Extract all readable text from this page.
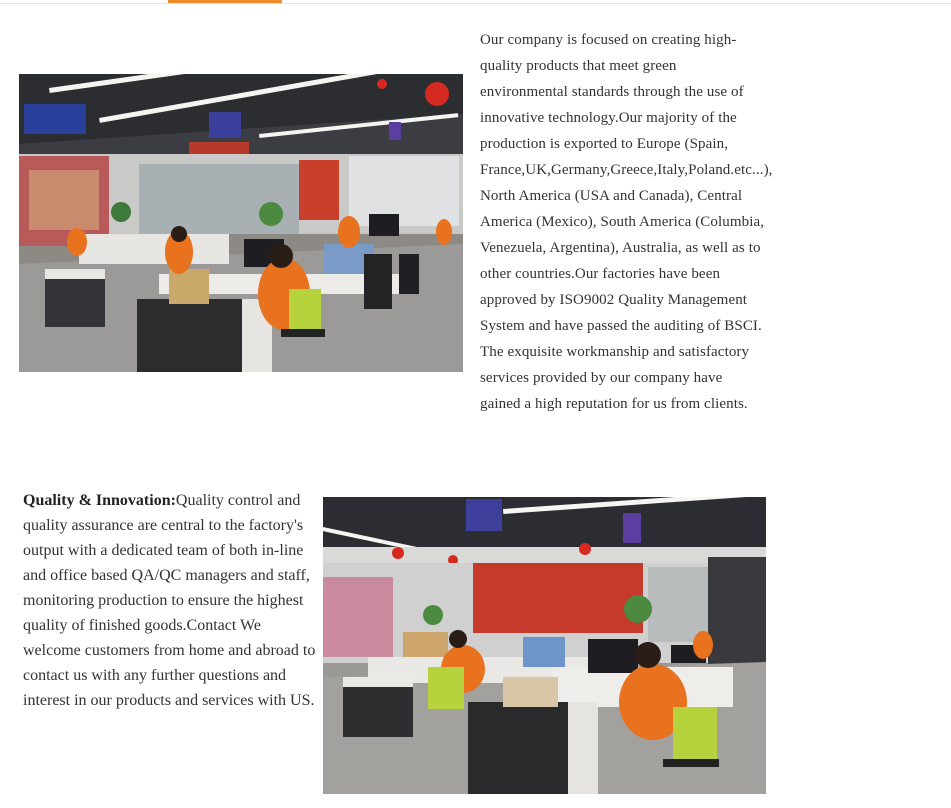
Our company is focused on creating high-quality products that meet green environmental standards through the use of innovative technology.Our majority of the production is exported to Europe (Spain, France,UK,Germany,Greece,Italy,Poland.etc...), North America (USA and Canada), Central America (Mexico), South America (Columbia, Venezuela, Argentina), Australia, as well as to other countries.Our factories have been approved by ISO9002 Quality Management System and have passed the auditing of BSCI. The exquisite workmanship and satisfactory services provided by our company have gained a high reputation for us from clients.

Quality & Innovation:Quality control and quality assurance are central to the factory's output with a dedicated team of both in-line and office based QA/QC managers and staff, monitoring production to ensure the highest quality of finished goods.Contact We welcome customers from home and abroad to contact us with any further questions and interest in our products and services with US.
